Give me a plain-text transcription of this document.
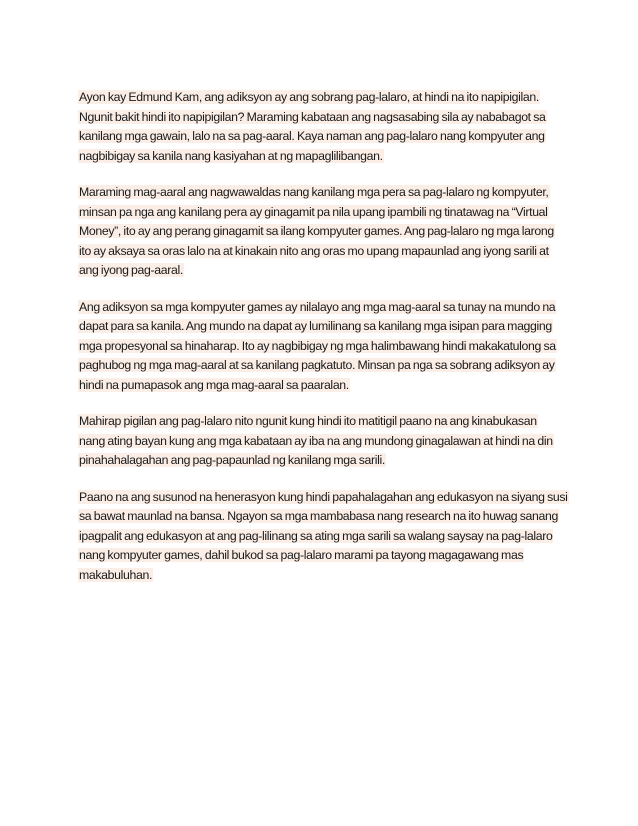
Ayon kay Edmund Kam, ang adiksyon ay ang sobrang pag-lalaro, at hindi na ito napipigilan.
Ngunit bakit hindi ito napipigilan? Maraming kabataan ang nagsasabing sila ay nababagot sa
kanilang mga gawain, lalo na sa pag-aaral. Kaya naman ang pag-lalaro nang kompyuter ang
nagbibigay sa kanila nang kasiyahan at ng mapaglilibangan.

Maraming mag-aaral ang nagwawaldas nang kanilang mga pera sa pag-lalaro ng kompyuter,
minsan pa nga ang kanilang pera ay ginagamit pa nila upang ipambili ng tinatawag na “Virtual
Money”, ito ay ang perang ginagamit sa ilang kompyuter games. Ang pag-lalaro ng mga larong
ito ay aksaya sa oras lalo na at kinakain nito ang oras mo upang mapaunlad ang iyong sarili at
ang iyong pag-aaral.

Ang adiksyon sa mga kompyuter games ay nilalayo ang mga mag-aaral sa tunay na mundo na
dapat para sa kanila. Ang mundo na dapat ay lumilinang sa kanilang mga isipan para magging
mga propesyonal sa hinaharap. Ito ay nagbibigay ng mga halimbawang hindi makakatulong sa
paghubog ng mga mag-aaral at sa kanilang pagkatuto. Minsan pa nga sa sobrang adiksyon ay
hindi na pumapasok ang mga mag-aaral sa paaralan.

Mahirap pigilan ang pag-lalaro nito ngunit kung hindi ito matitigil paano na ang kinabukasan
nang ating bayan kung ang mga kabataan ay iba na ang mundong ginagalawan at hindi na din
pinahahalagahan ang pag-papaunlad ng kanilang mga sarili.

Paano na ang susunod na henerasyon kung hindi papahalagahan ang edukasyon na siyang susi
sa bawat maunlad na bansa. Ngayon sa mga mambabasa nang research na ito huwag sanang
ipagpalit ang edukasyon at ang pag-lilinang sa ating mga sarili sa walang saysay na pag-lalaro
nang kompyuter games, dahil bukod sa pag-lalaro marami pa tayong magagawang mas
makabuluhan.
